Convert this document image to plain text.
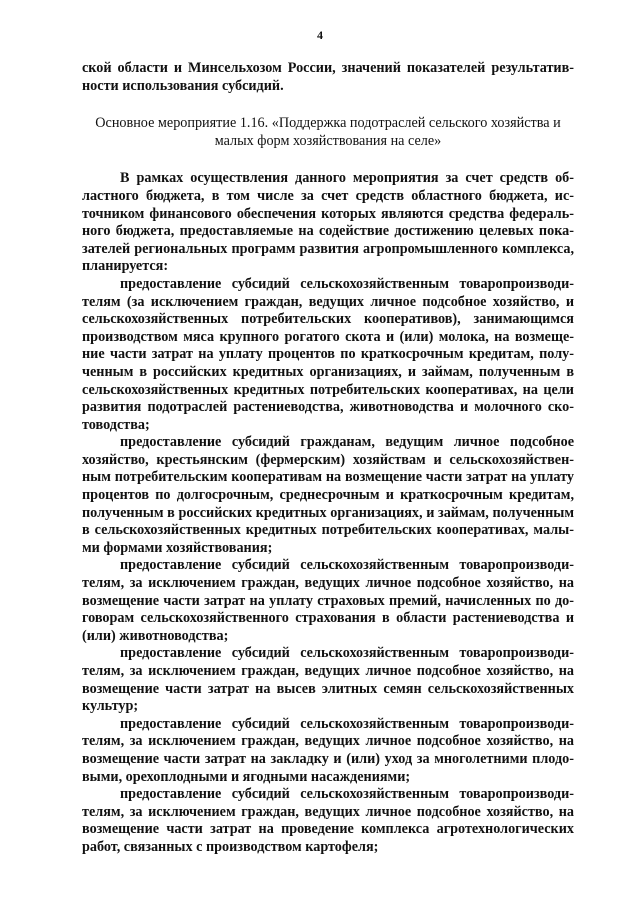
4

ской области и Минсельхозом России, значений показателей результативности использования субсидий.

Основное мероприятие 1.16. «Поддержка подотраслей сельского хозяйства и малых форм хозяйствования на селе»

В рамках осуществления данного мероприятия за счет средств областного бюджета, в том числе за счет средств областного бюджета, источником финансового обеспечения которых являются средства федерального бюджета, предоставляемые на содействие достижению целевых показателей региональных программ развития агропромышленного комплекса, планируется:

предоставление субсидий сельскохозяйственным товаропроизводителям (за исключением граждан, ведущих личное подсобное хозяйство, и сельскохозяйственных потребительских кооперативов), занимающимся производством мяса крупного рогатого скота и (или) молока, на возмещение части затрат на уплату процентов по краткосрочным кредитам, полученным в российских кредитных организациях, и займам, полученным в сельскохозяйственных кредитных потребительских кооперативах, на цели развития подотраслей растениеводства, животноводства и молочного скотоводства;

предоставление субсидий гражданам, ведущим личное подсобное хозяйство, крестьянским (фермерским) хозяйствам и сельскохозяйственным потребительским кооперативам на возмещение части затрат на уплату процентов по долгосрочным, среднесрочным и краткосрочным кредитам, полученным в российских кредитных организациях, и займам, полученным в сельскохозяйственных кредитных потребительских кооперативах, малыми формами хозяйствования;

предоставление субсидий сельскохозяйственным товаропроизводителям, за исключением граждан, ведущих личное подсобное хозяйство, на возмещение части затрат на уплату страховых премий, начисленных по договорам сельскохозяйственного страхования в области растениеводства и (или) животноводства;

предоставление субсидий сельскохозяйственным товаропроизводителям, за исключением граждан, ведущих личное подсобное хозяйство, на возмещение части затрат на высев элитных семян сельскохозяйственных культур;

предоставление субсидий сельскохозяйственным товаропроизводителям, за исключением граждан, ведущих личное подсобное хозяйство, на возмещение части затрат на закладку и (или) уход за многолетними плодовыми, орехоплодными и ягодными насаждениями;

предоставление субсидий сельскохозяйственным товаропроизводителям, за исключением граждан, ведущих личное подсобное хозяйство, на возмещение части затрат на проведение комплекса агротехнологических работ, связанных с производством картофеля;
